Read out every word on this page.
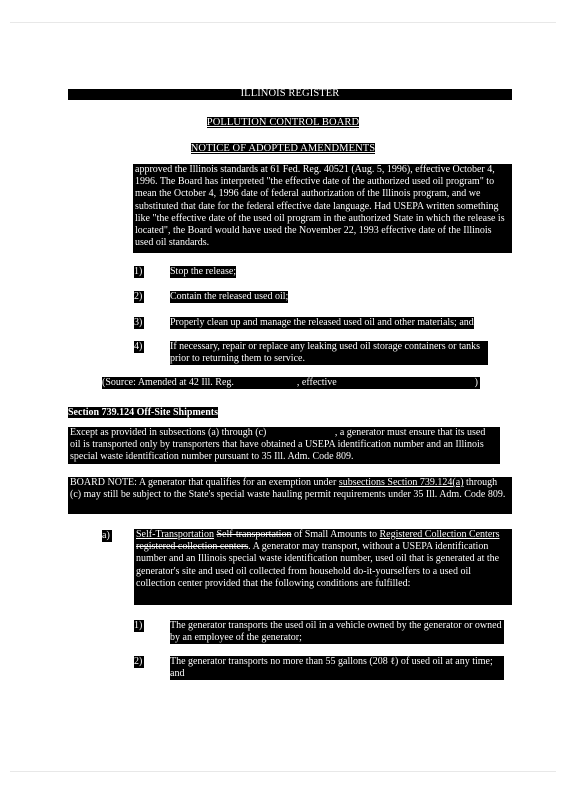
ILLINOIS REGISTER
POLLUTION CONTROL BOARD
NOTICE OF ADOPTED AMENDMENTS
approved the Illinois standards at 61 Fed. Reg. 40521 (Aug. 5, 1996), effective October 4, 1996. The Board has interpreted "the effective date of the authorized used oil program" to mean the October 4, 1996 date of federal authorization of the Illinois program, and we substituted that date for the federal effective date language. Had USEPA written something like "the effective date of the used oil program in the authorized State in which the release is located", the Board would have used the November 22, 1993 effective date of the Illinois used oil standards.
1)	Stop the release;
2)	Contain the released used oil;
3)	Properly clean up and manage the released used oil and other materials; and
4)	If necessary, repair or replace any leaking used oil storage containers or tanks prior to returning them to service.
(Source: Amended at 42 Ill. Reg.	, effective	)
Section 739.124 Off-Site Shipments
Except as provided in subsections (a) through (c)	, a generator must ensure that its used oil is transported only by transporters that have obtained a USEPA identification number and an Illinois special waste identification number pursuant to 35 Ill. Adm. Code 809.
BOARD NOTE: A generator that qualifies for an exemption under subsections Section 739.124(a) through (c) may still be subject to the State's special waste hauling permit requirements under 35 Ill. Adm. Code 809.
a)	Self-Transportation Self-transportation of Small Amounts to Registered Collection Centers registered collection centers. A generator may transport, without a USEPA identification number and an Illinois special waste identification number, used oil that is generated at the generator's site and used oil collected from household do-it-yourselfers to a used oil collection center provided that the following conditions are fulfilled:
1)	The generator transports the used oil in a vehicle owned by the generator or owned by an employee of the generator;
2)	The generator transports no more than 55 gallons (208 ℓ) of used oil at any time; and
